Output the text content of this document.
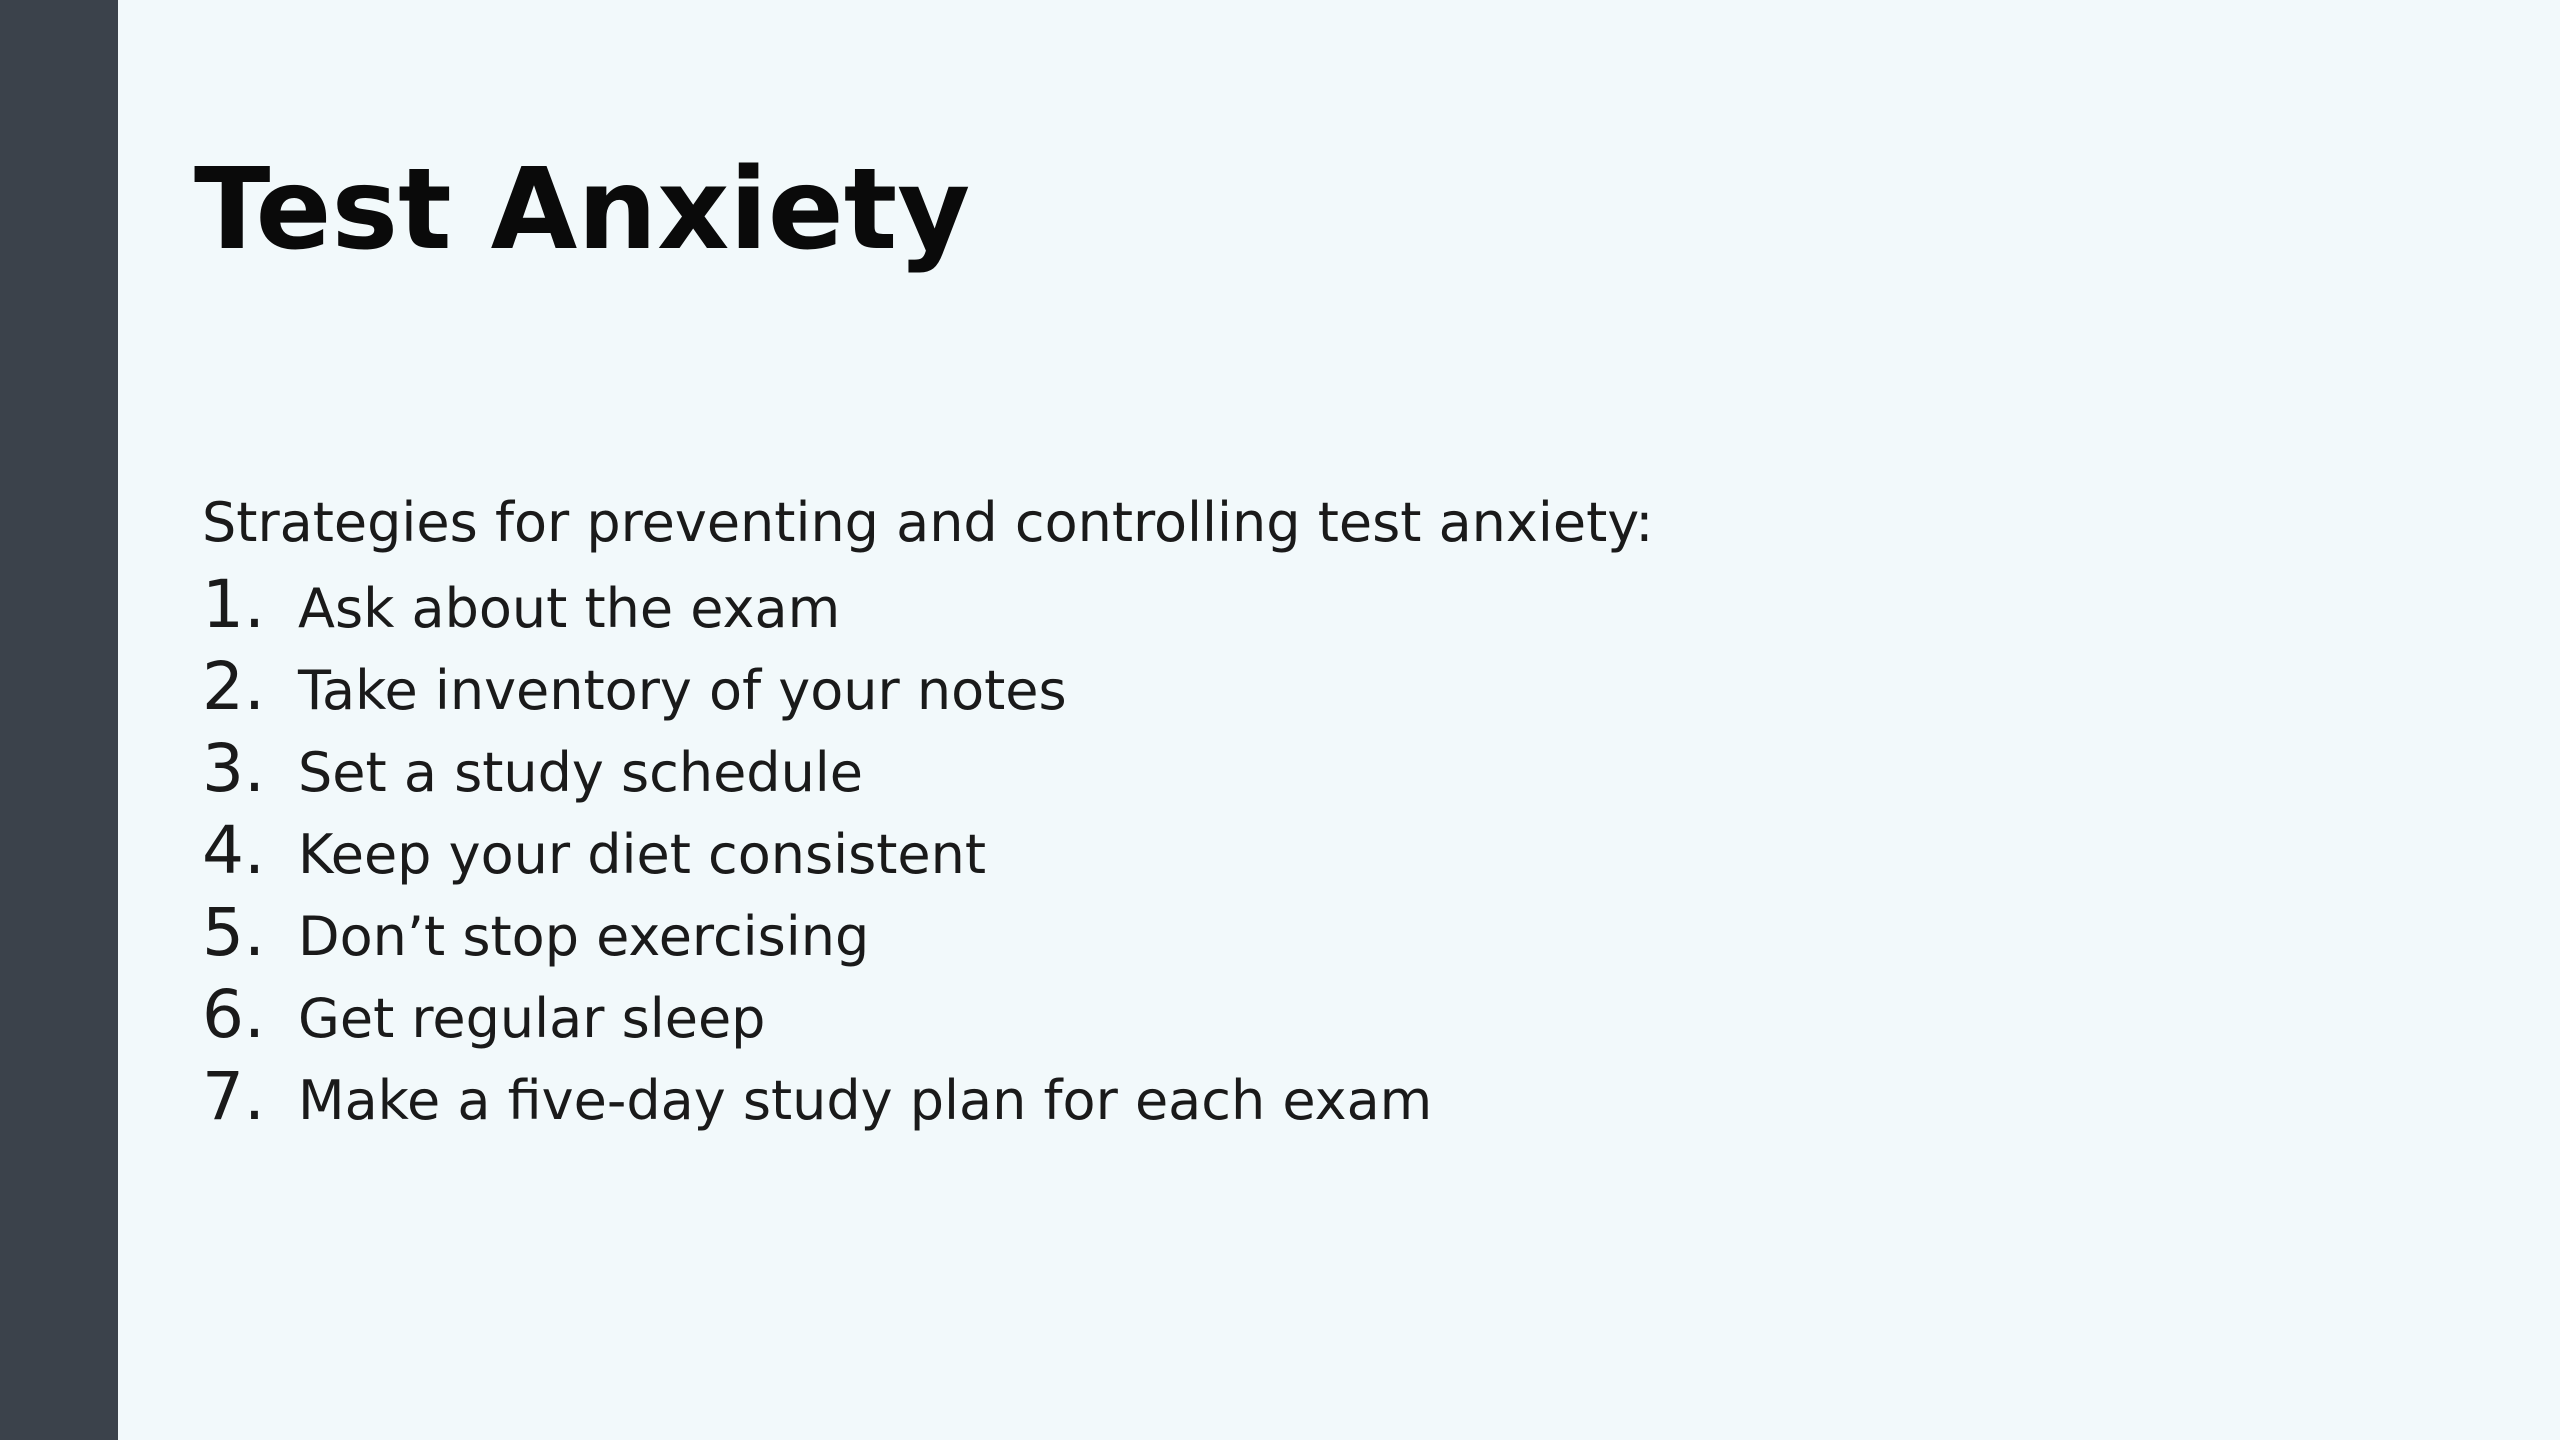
Test Anxiety
Strategies for preventing and controlling test anxiety:
1. Ask about the exam
2. Take inventory of your notes
3. Set a study schedule
4. Keep your diet consistent
5. Don’t stop exercising
6. Get regular sleep
7. Make a five-day study plan for each exam
